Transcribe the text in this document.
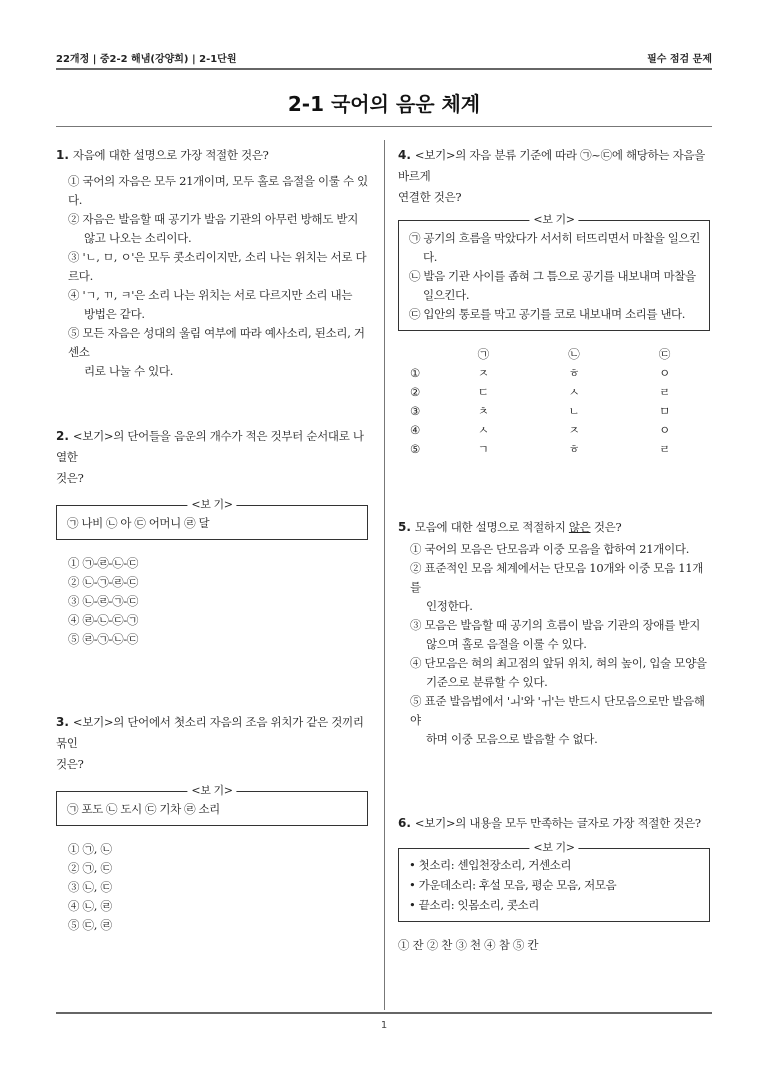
22개정 | 중2-2 해냄(강양희) | 2-1단원	필수 점검 문제
2-1 국어의 음운 체계
1. 자음에 대한 설명으로 가장 적절한 것은?
① 국어의 자음은 모두 21개이며, 모두 홀로 음절을 이룰 수 있다.
② 자음은 발음할 때 공기가 발음 기관의 아무런 방해도 받지
않고 나오는 소리이다.
③ 'ㄴ, ㅁ, ㅇ'은 모두 콧소리이지만, 소리 나는 위치는 서로 다르다.
④ 'ㄱ, ㄲ, ㅋ'은 소리 나는 위치는 서로 다르지만 소리 내는
방법은 같다.
⑤ 모든 자음은 성대의 울림 여부에 따라 예사소리, 된소리, 거센소
리로 나눌 수 있다.
2. <보기>의 단어들을 음운의 개수가 적은 것부터 순서대로 나열한
것은?
<보 기>
㉠ 나비 ㉡ 아 ㉢ 어머니 ㉣ 달
① ㉠-㉣-㉡-㉢
② ㉡-㉠-㉣-㉢
③ ㉡-㉣-㉠-㉢
④ ㉣-㉡-㉢-㉠
⑤ ㉣-㉠-㉡-㉢
3. <보기>의 단어에서 첫소리 자음의 조음 위치가 같은 것끼리 묶인
것은?
<보 기>
㉠ 포도 ㉡ 도시 ㉢ 기차 ㉣ 소리
① ㉠, ㉡
② ㉠, ㉢
③ ㉡, ㉢
④ ㉡, ㉣
⑤ ㉢, ㉣
4. <보기>의 자음 분류 기준에 따라 ㉠~㉢에 해당하는 자음을 바르게
연결한 것은?
<보 기>
㉠ 공기의 흐름을 막았다가 서서히 터뜨리면서 마찰을 일으킨
다.
㉡ 발음 기관 사이를 좁혀 그 틈으로 공기를 내보내며 마찰을
일으킨다.
㉢ 입안의 통로를 막고 공기를 코로 내보내며 소리를 낸다.
㉠	㉡	㉢
①	ㅈ	ㅎ	ㅇ
②	ㄷ	ㅅ	ㄹ
③	ㅊ	ㄴ	ㅁ
④	ㅅ	ㅈ	ㅇ
⑤	ㄱ	ㅎ	ㄹ
5. 모음에 대한 설명으로 적절하지 않은 것은?
① 국어의 모음은 단모음과 이중 모음을 합하여 21개이다.
② 표준적인 모음 체계에서는 단모음 10개와 이중 모음 11개를
인정한다.
③ 모음은 발음할 때 공기의 흐름이 발음 기관의 장애를 받지
않으며 홀로 음절을 이룰 수 있다.
④ 단모음은 혀의 최고점의 앞뒤 위치, 혀의 높이, 입술 모양을
기준으로 분류할 수 있다.
⑤ 표준 발음법에서 'ㅚ'와 'ㅟ'는 반드시 단모음으로만 발음해야
하며 이중 모음으로 발음할 수 없다.
6. <보기>의 내용을 모두 만족하는 글자로 가장 적절한 것은?
<보 기>
• 첫소리: 센입천장소리, 거센소리
• 가운데소리: 후설 모음, 평순 모음, 저모음
• 끝소리: 잇몸소리, 콧소리
① 잔 ② 찬 ③ 천 ④ 참 ⑤ 칸
1
